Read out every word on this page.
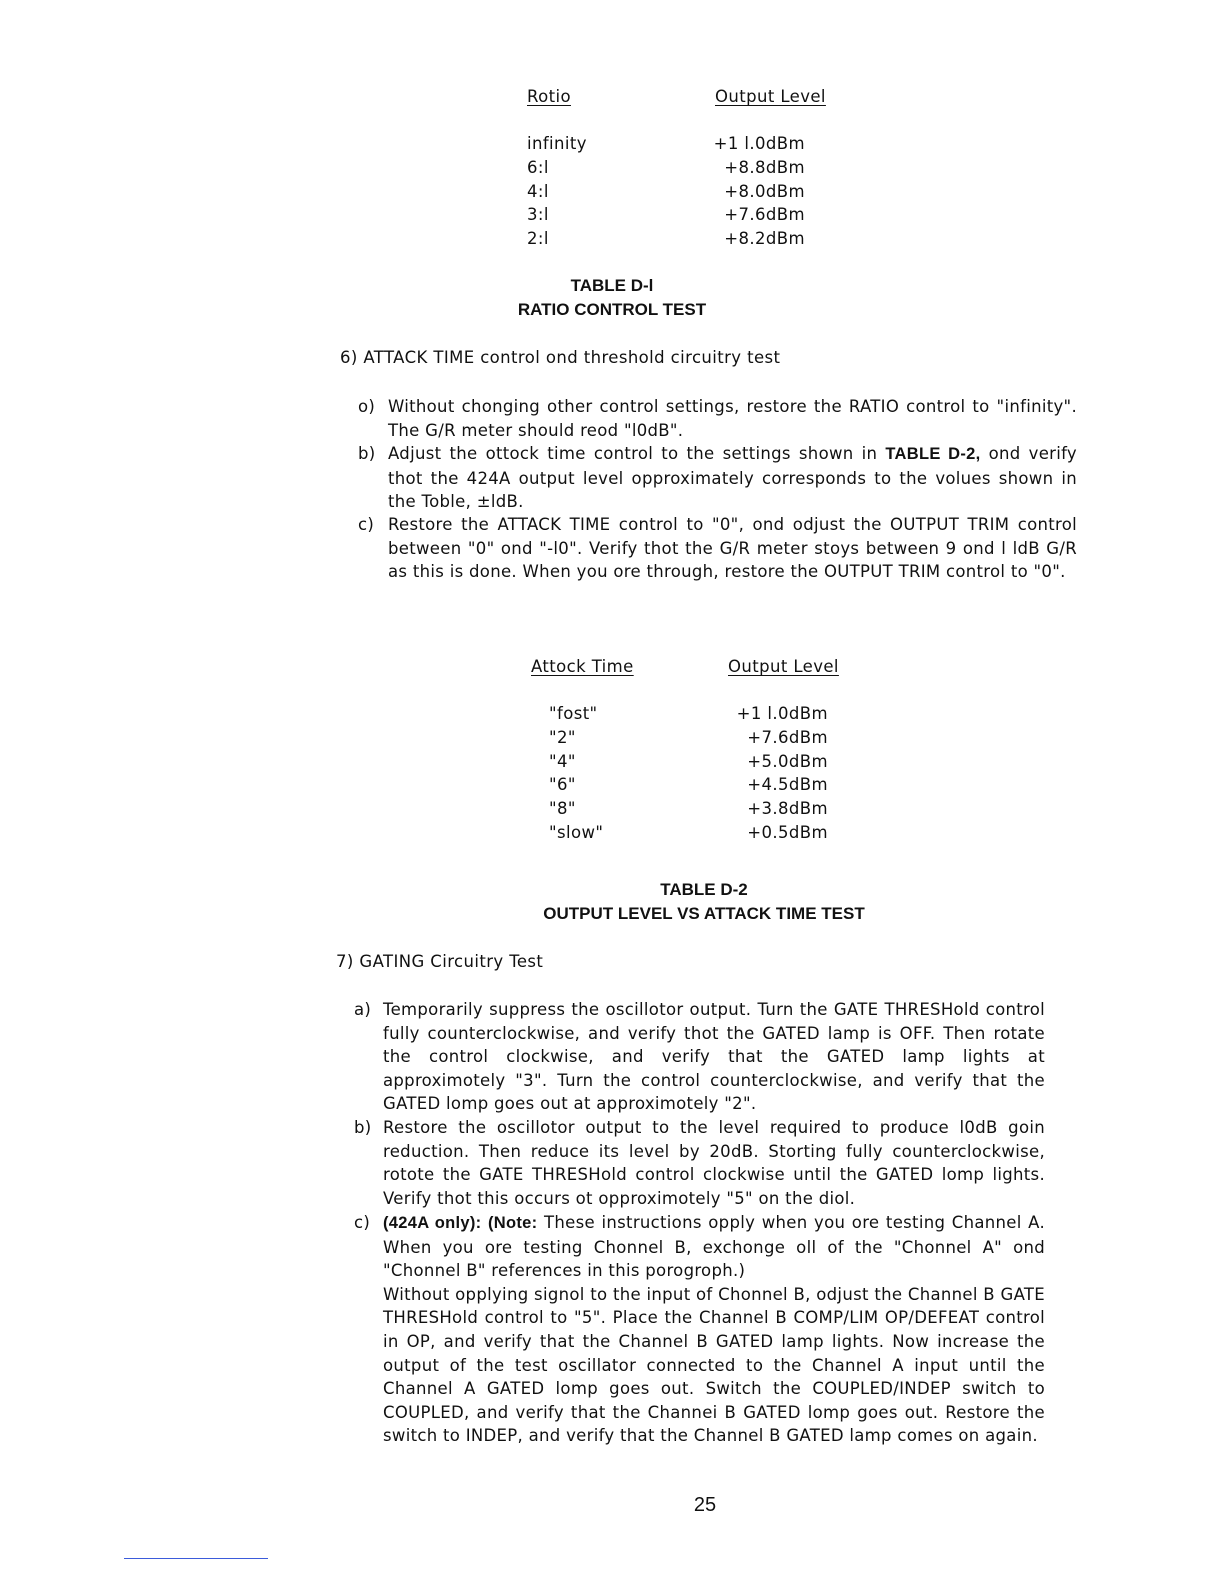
Rotio	Output Level
infinity	+1 l.0dBm
6:l	+8.8dBm
4:l	+8.0dBm
3:l	+7.6dBm
2:l	+8.2dBm
TABLE D-l
RATIO CONTROL TEST
6) ATTACK TIME control ond threshold circuitry test
o) Without chonging other control settings, restore the RATIO control to "infinity". The G/R meter should reod "l0dB".
b) Adjust the ottock time control to the settings shown in TABLE D-2, ond verify thot the 424A output level opproximately corresponds to the volues shown in the Toble, ±ldB.
c) Restore the ATTACK TIME control to "0", ond odjust the OUTPUT TRIM control between "0" ond "-l0". Verify thot the G/R meter stoys between 9 ond l ldB G/R as this is done. When you ore through, restore the OUTPUT TRIM control to "0".
Attock Time	Output Level
"fost"	+1 l.0dBm
"2"	+7.6dBm
"4"	+5.0dBm
"6"	+4.5dBm
"8"	+3.8dBm
"slow"	+0.5dBm
TABLE D-2
OUTPUT LEVEL VS ATTACK TIME TEST
7) GATING Circuitry Test
a) Temporarily suppress the oscillotor output. Turn the GATE THRESHold control fully counterclockwise, and verify thot the GATED lamp is OFF. Then rotate the control clockwise, and verify that the GATED lamp lights at approximotely "3". Turn the control counterclockwise, and verify that the GATED lomp goes out at approximotely "2".
b) Restore the oscillotor output to the level required to produce l0dB goin reduction. Then reduce its level by 20dB. Storting fully counterclockwise, rotote the GATE THRESHold control clockwise until the GATED lomp lights. Verify thot this occurs ot opproximotely "5" on the diol.
c) (424A only): (Note: These instructions opply when you ore testing Channel A. When you ore testing Chonnel B, exchonge oll of the "Chonnel A" ond "Chonnel B" references in this porogroph.)
Without opplying signol to the input of Chonnel B, odjust the Channel B GATE THRESHold control to "5". Place the Channel B COMP/LIM OP/DEFEAT control in OP, and verify that the Channel B GATED lamp lights. Now increase the output of the test oscillator connected to the Channel A input until the Channel A GATED lomp goes out. Switch the COUPLED/INDEP switch to COUPLED, and verify that the Channei B GATED lomp goes out. Restore the switch to INDEP, and verify that the Channel B GATED lamp comes on again.
25
